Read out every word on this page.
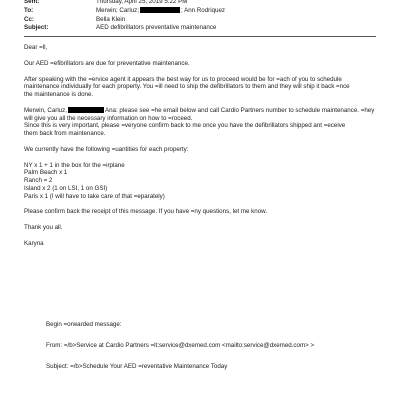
Sent:	Thursday, April 25, 2019 5:22 PM
To:	Merwin; Carluz;	; Ann Rodriquez
Cc:	Bella Klein
Subject:	AED defibrillators preventative maintenance
Dear =ll,
Our AED =efibrillators are due for preventative maintenance.
After speaking with the =ervice agent it appears the best way for us to proceed would be for =ach of you to schedule
maintenance individually for each property. You =ill need to ship the defibrillators to them and they will ship it back =nce
the maintenance is done.
Merwin, Carluz,	Ana: please see =he email below and call Cardio Partners number to schedule maintenance. =hey
will give you all the necessary information on how to =roceed.
Since this is very important, please =veryone confirm back to me once you have the defibrillators shipped ant =eceive
them back from maintenance.
We currently have the following =uantities for each property:
NY x 1 + 1 in the box for the =irplane
Palm Beach x 1
Ranch = 2
Island x 2 (1 on LSI, 1 on GSI)
Paris x 1 (I will have to take care of that =eparately)
Please confirm back the receipt of this message. If you have =ny questions, let me know.
Thank you all.
Karyna
Begin =orwarded message:
From: =/b>Service at Cardio Partners =lt;service@dxemed.com <mailto:service@dxemed.com> >
Subject: =/b>Schedule Your AED =reventative Maintenance Today
